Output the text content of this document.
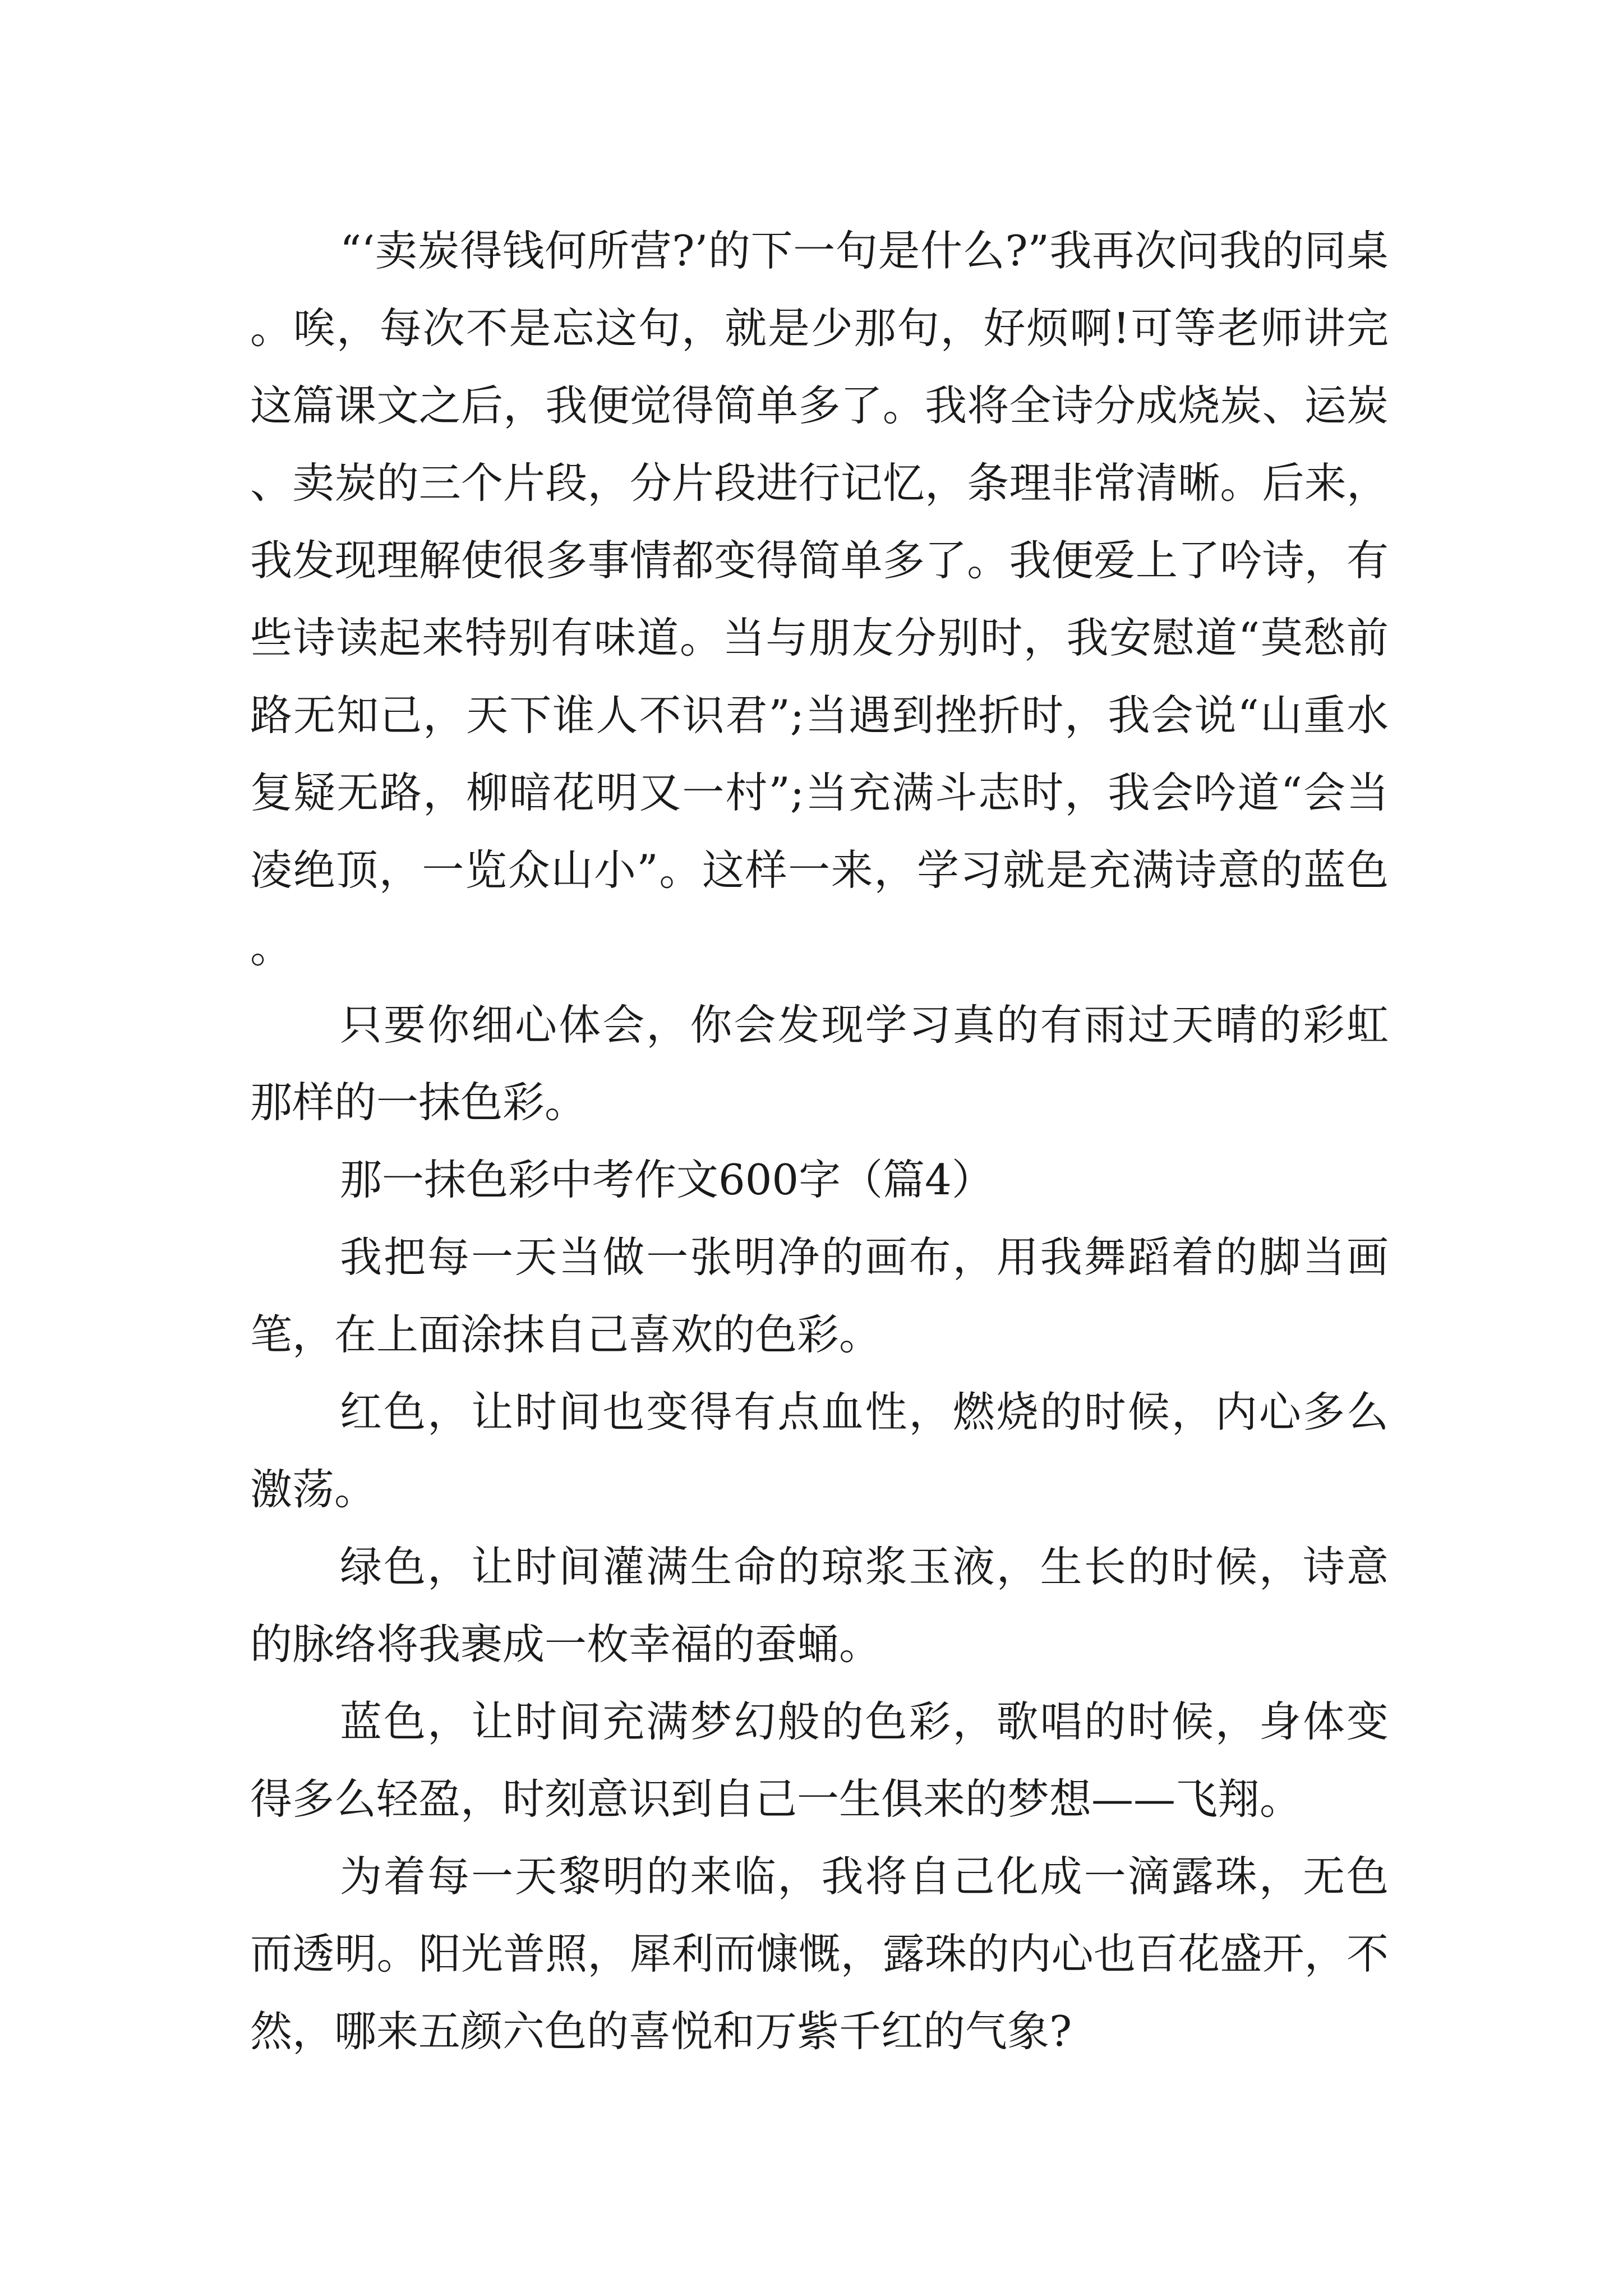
“‘卖炭得钱何所营?’的下一句是什么?”我再次问我的同桌。唉，每次不是忘这句，就是少那句，好烦啊!可等老师讲完这篇课文之后，我便觉得简单多了。我将全诗分成烧炭、运炭、卖炭的三个片段，分片段进行记忆，条理非常清晰。后来，我发现理解使很多事情都变得简单多了。我便爱上了吟诗，有些诗读起来特别有味道。当与朋友分别时，我安慰道“莫愁前路无知己，天下谁人不识君”;当遇到挫折时，我会说“山重水复疑无路，柳暗花明又一村”;当充满斗志时，我会吟道“会当凌绝顶，一览众山小”。这样一来，学习就是充满诗意的蓝色。

只要你细心体会，你会发现学习真的有雨过天晴的彩虹那样的一抹色彩。

那一抹色彩中考作文600字（篇4）

我把每一天当做一张明净的画布，用我舞蹈着的脚当画笔，在上面涂抹自己喜欢的色彩。

红色，让时间也变得有点血性，燃烧的时候，内心多么激荡。

绿色，让时间灌满生命的琼浆玉液，生长的时候，诗意的脉络将我裹成一枚幸福的蚕蛹。

蓝色，让时间充满梦幻般的色彩，歌唱的时候，身体变得多么轻盈，时刻意识到自己一生俱来的梦想——飞翔。

为着每一天黎明的来临，我将自己化成一滴露珠，无色而透明。阳光普照，犀利而慷慨，露珠的内心也百花盛开，不然，哪来五颜六色的喜悦和万紫千红的气象?
